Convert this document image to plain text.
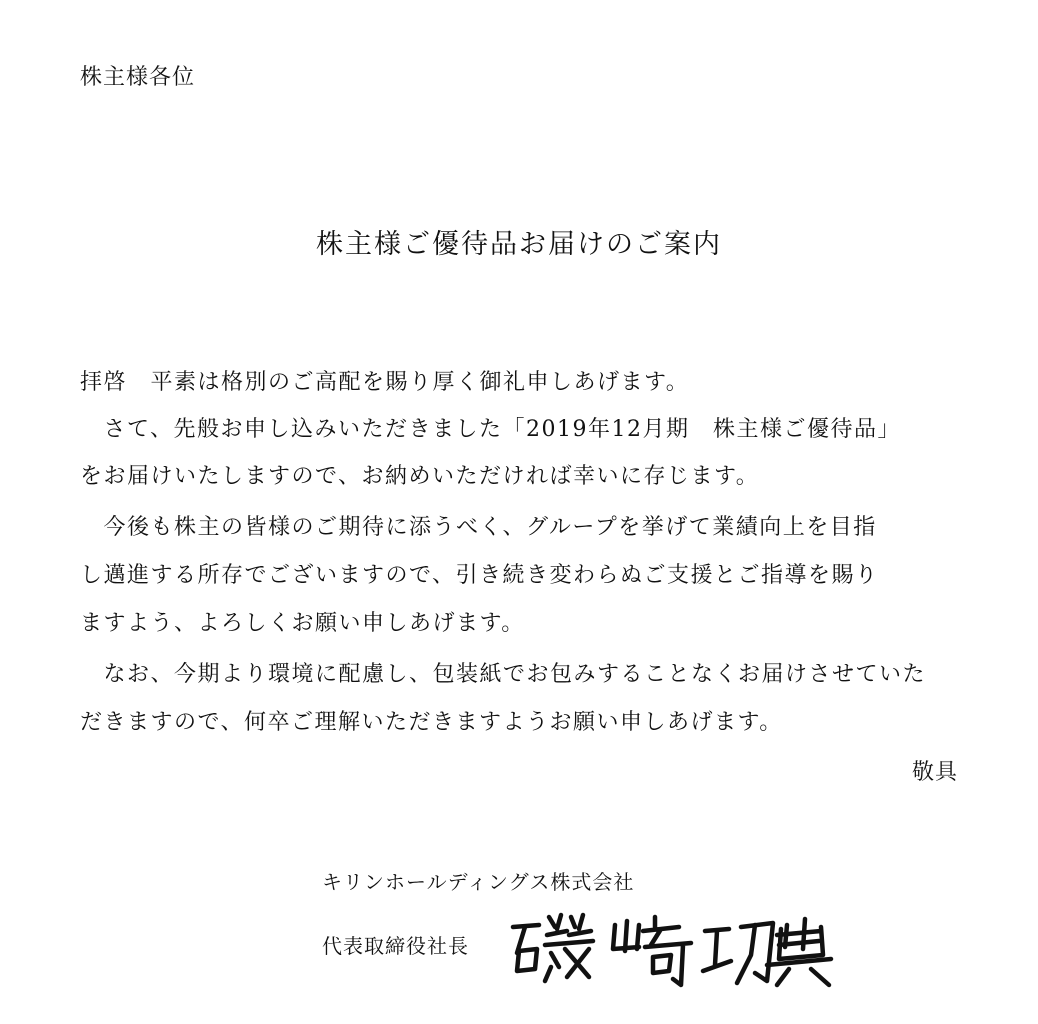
株主様各位
株主様ご優待品お届けのご案内
拝啓　平素は格別のご高配を賜り厚く御礼申しあげます。
　さて、先般お申し込みいただきました「2019年12月期　株主様ご優待品」
をお届けいたしますので、お納めいただければ幸いに存じます。
　今後も株主の皆様のご期待に添うべく、グループを挙げて業績向上を目指
し邁進する所存でございますので、引き続き変わらぬご支援とご指導を賜り
ますよう、よろしくお願い申しあげます。
　なお、今期より環境に配慮し、包装紙でお包みすることなくお届けさせていた
だきますので、何卒ご理解いただきますようお願い申しあげます。
敬具
キリンホールディングス株式会社
代表取締役社長
